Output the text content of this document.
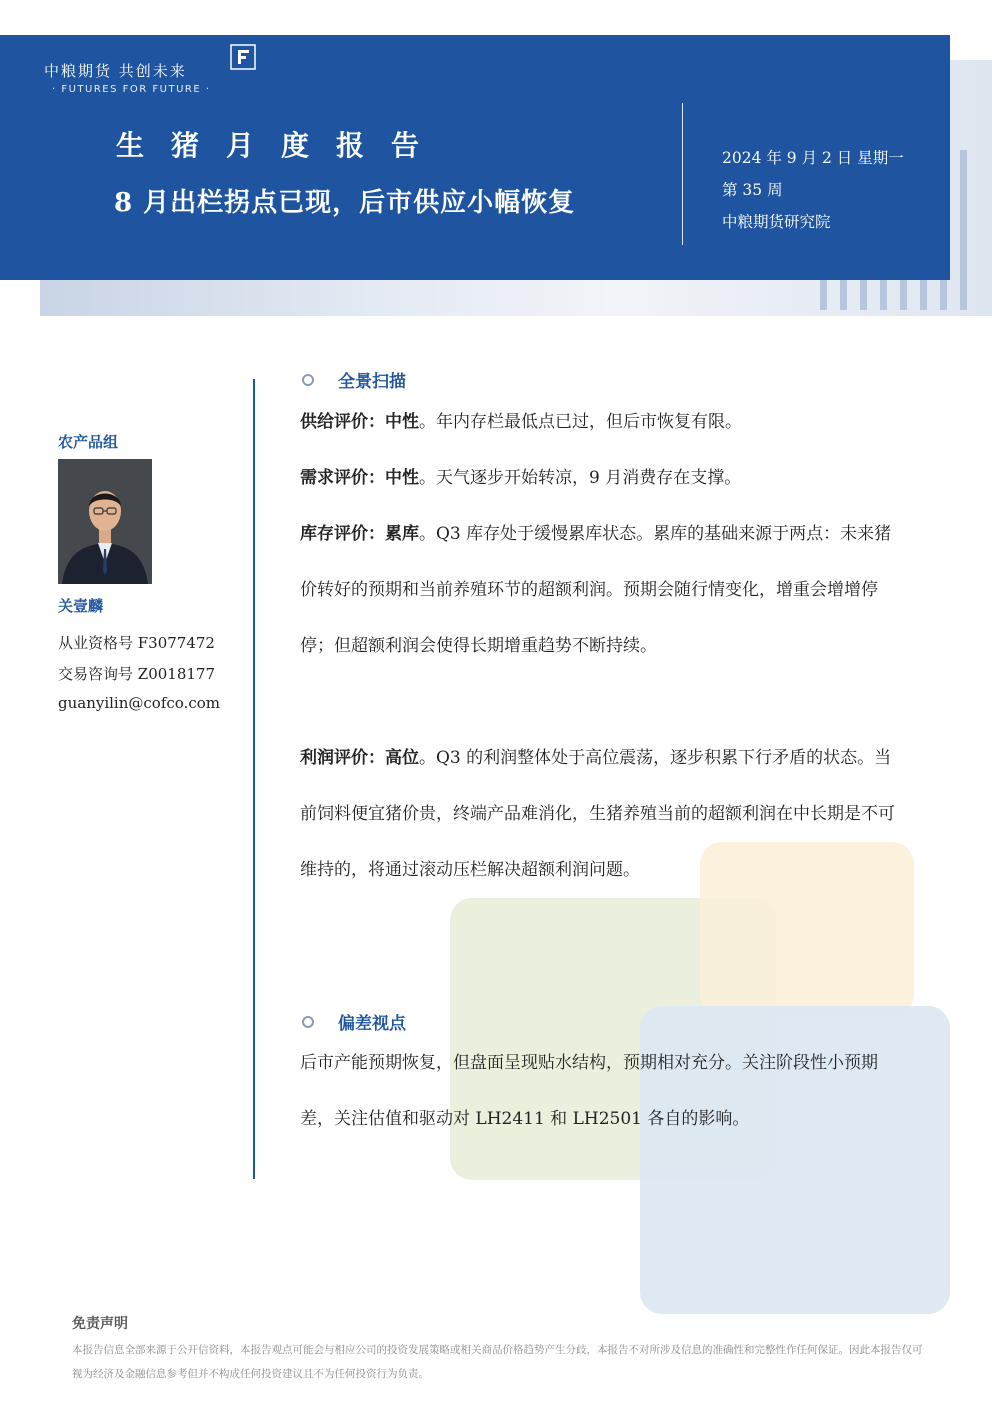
中粮期货 共创未来
· FUTURES FOR FUTURE ·
生猪月度报告
8 月出栏拐点已现，后市供应小幅恢复
2024 年 9 月 2 日 星期一
第 35 周
中粮期货研究院
农产品组
关壹麟
从业资格号 F3077472
交易咨询号 Z0018177
guanyilin@cofco.com
全景扫描
供给评价：中性。年内存栏最低点已过，但后市恢复有限。
需求评价：中性。天气逐步开始转凉，9 月消费存在支撑。
库存评价：累库。Q3 库存处于缓慢累库状态。累库的基础来源于两点：未来猪价转好的预期和当前养殖环节的超额利润。预期会随行情变化，增重会增增停停；但超额利润会使得长期增重趋势不断持续。
利润评价：高位。Q3 的利润整体处于高位震荡，逐步积累下行矛盾的状态。当前饲料便宜猪价贵，终端产品难消化，生猪养殖当前的超额利润在中长期是不可维持的，将通过滚动压栏解决超额利润问题。
偏差视点
后市产能预期恢复，但盘面呈现贴水结构，预期相对充分。关注阶段性小预期差，关注估值和驱动对 LH2411 和 LH2501 各自的影响。
免责声明
本报告信息全部来源于公开信资料，本报告观点可能会与相应公司的投资发展策略或相关商品价格趋势产生分歧，本报告不对所涉及信息的准确性和完整性作任何保证。因此本报告仅可视为经济及金融信息参考但并不构成任何投资建议且不为任何投资行为负责。
